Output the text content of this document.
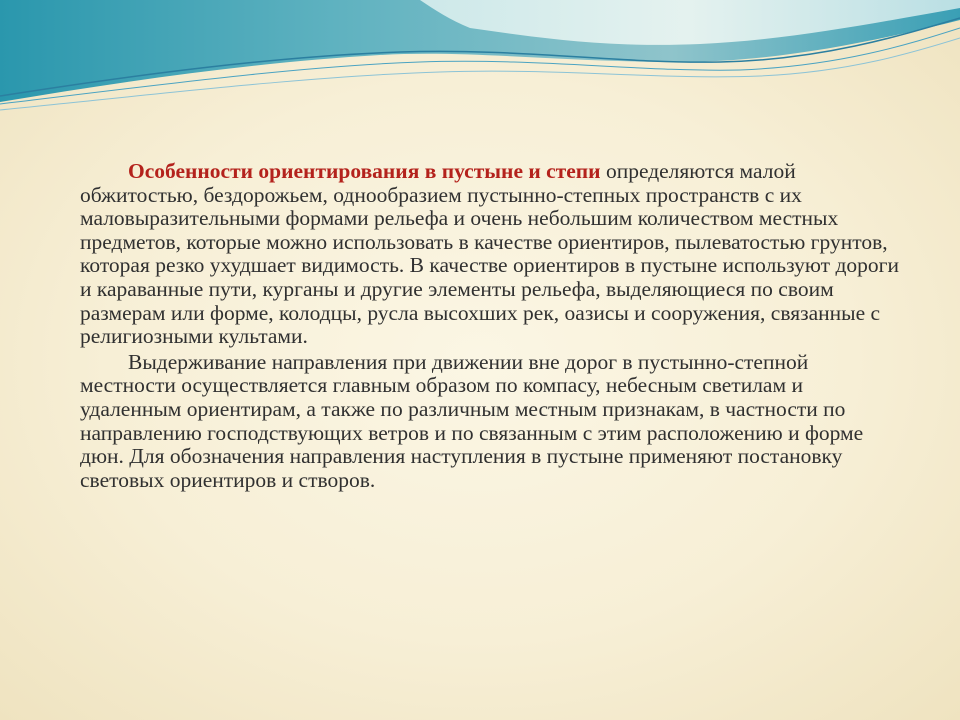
Особенности ориентирования в пустыне и степи определяются малой обжитостью, бездорожьем, однообразием пустынно-степных пространств с их маловыразительными формами рельефа и очень небольшим количеством местных предметов, которые можно использовать в качестве ориентиров, пылеватостью грунтов, которая резко ухудшает видимость. В качестве ориентиров в пустыне используют дороги и караванные пути, курганы и другие элементы рельефа, выделяющиеся по своим размерам или форме, колодцы, русла высохших рек, оазисы и сооружения, связанные с религиозными культами.

Выдерживание направления при движении вне дорог в пустынно-степной местности осуществляется главным образом по компасу, небесным светилам и удаленным ориентирам, а также по различным местным признакам, в частности по направлению господствующих ветров и по связанным с этим расположению и форме дюн. Для обозначения направления наступления в пустыне применяют постановку световых ориентиров и створов.
